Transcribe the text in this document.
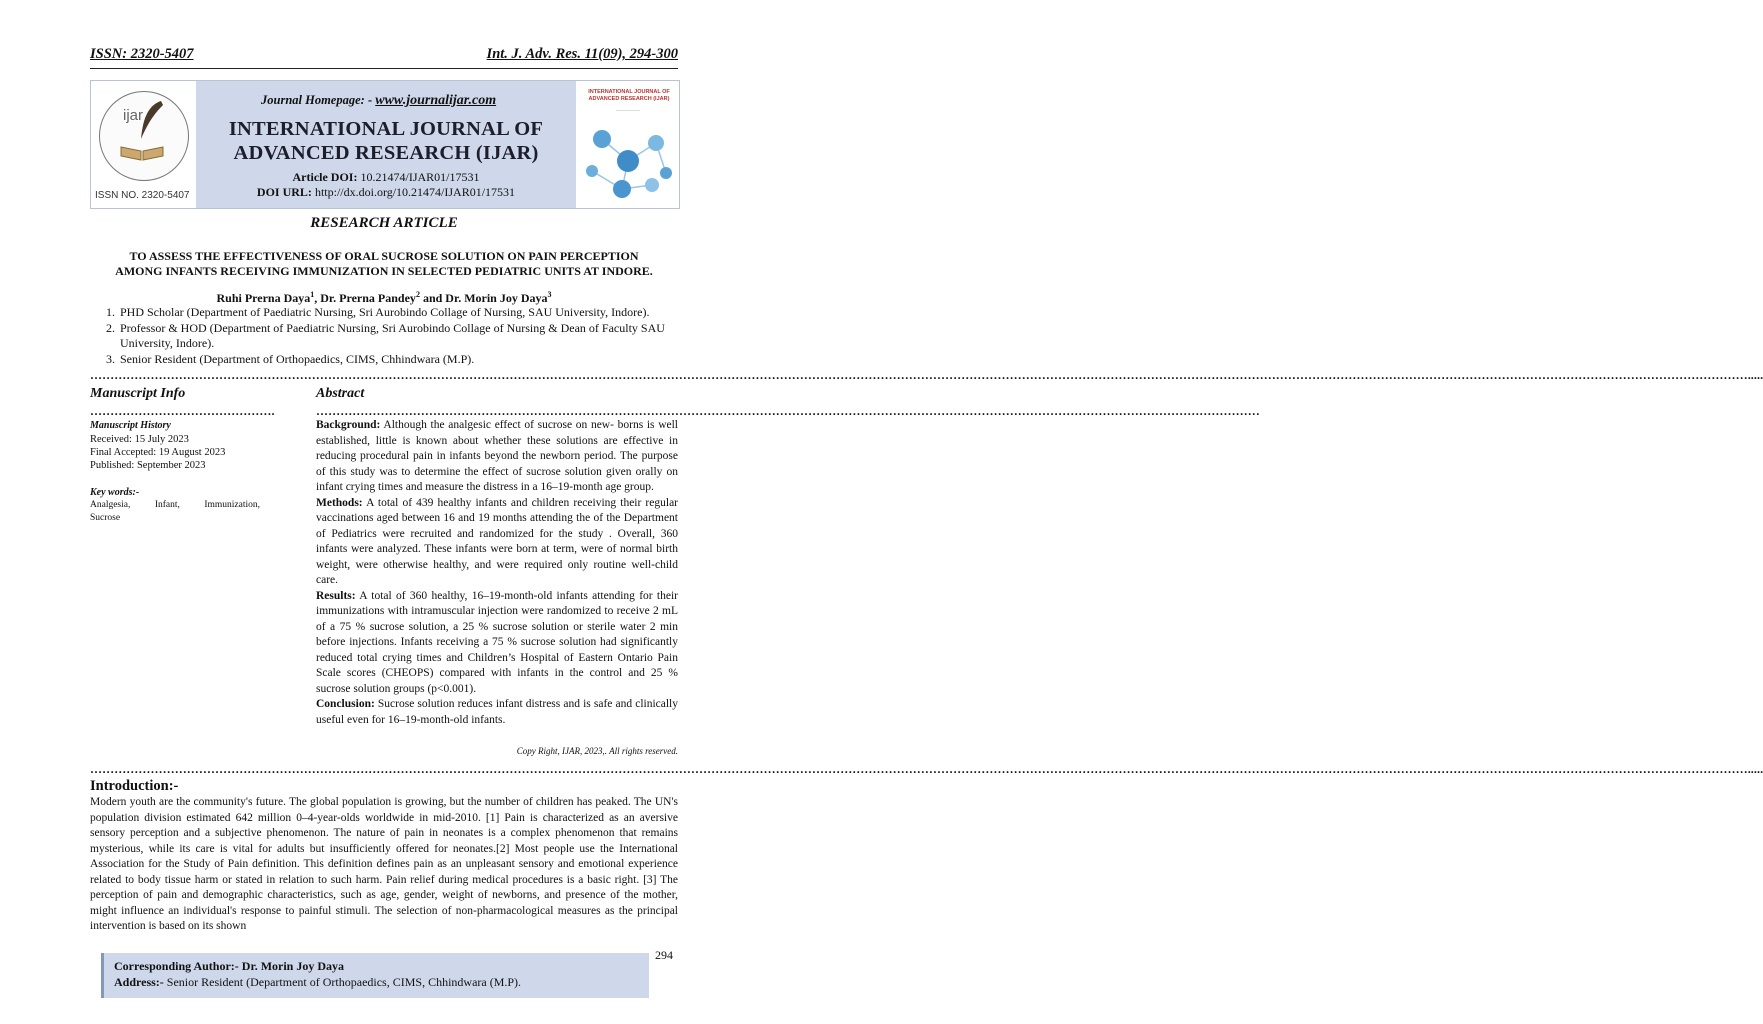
ISSN: 2320-5407	Int. J. Adv. Res. 11(09), 294-300
ijar
ISSN NO. 2320-5407
Journal Homepage: - www.journalijar.com
INTERNATIONAL JOURNAL OF
ADVANCED RESEARCH (IJAR)
Article DOI: 10.21474/IJAR01/17531
DOI URL: http://dx.doi.org/10.21474/IJAR01/17531
INTERNATIONAL JOURNAL OF ADVANCED RESEARCH (IJAR)
——————
RESEARCH ARTICLE
TO ASSESS THE EFFECTIVENESS OF ORAL SUCROSE SOLUTION ON PAIN PERCEPTION
AMONG INFANTS RECEIVING IMMUNIZATION IN SELECTED PEDIATRIC UNITS AT INDORE.
Ruhi Prerna Daya$^1$, Dr. Prerna Pandey$^2$ and Dr. Morin Joy Daya$^3$
1. PHD Scholar (Department of Paediatric Nursing, Sri Aurobindo Collage of Nursing, SAU University, Indore).
2. Professor & HOD (Department of Paediatric Nursing, Sri Aurobindo Collage of Nursing & Dean of Faculty SAU University, Indore).
3. Senior Resident (Department of Orthopaedics, CIMS, Chhindwara (M.P).
…………………………………………………………………………………………………………………………………………………………………………………………………………………………………………………………………………………………………………………………………………………………………………….....
Manuscript Info
……………………………………….
Manuscript History
Received: 15 July 2023
Final Accepted: 19 August 2023
Published: September 2023
Key words:-
Analgesia,	Infant,	Immunization,
Sucrose
Abstract
………………………………………………………………………………………………………………………………………………………………………………………………………………

Background: Although the analgesic effect of sucrose on new- borns is well established, little is known about whether these solutions are effective in reducing procedural pain in infants beyond the newborn period. The purpose of this study was to determine the effect of sucrose solution given orally on infant crying times and measure the distress in a 16‒19-month age group.

Methods: A total of 439 healthy infants and children receiving their regular vaccinations aged between 16 and 19 months attending the of the Department of Pediatrics were recruited and randomized for the study . Overall, 360 infants were analyzed. These infants were born at term, were of normal birth weight, were otherwise healthy, and were required only routine well-child care.

Results: A total of 360 healthy, 16‒19-month-old infants attending for their immunizations with intramuscular injection were randomized to receive 2 mL of a 75 % sucrose solution, a 25 % sucrose solution or sterile water 2 min before injections. Infants receiving a 75 % sucrose solution had significantly reduced total crying times and Children’s Hospital of Eastern Ontario Pain Scale scores (CHEOPS) compared with infants in the control and 25 % sucrose solution groups (p<0.001).

Conclusion: Sucrose solution reduces infant distress and is safe and clinically useful even for 16‒19-month-old infants.

Copy Right, IJAR, 2023,. All rights reserved.
…………………………………………………………………………………………………………………………………………………………………………………………………………………………………………………………………………………………………………………………………………………………………………….....
Introduction:-

Modern youth are the community's future. The global population is growing, but the number of children has peaked. The UN's population division estimated 642 million 0–4-year-olds worldwide in mid-2010. [1] Pain is characterized as an aversive sensory perception and a subjective phenomenon. The nature of pain in neonates is a complex phenomenon that remains mysterious, while its care is vital for adults but insufficiently offered for neonates.[2] Most people use the International Association for the Study of Pain definition. This definition defines pain as an unpleasant sensory and emotional experience related to body tissue harm or stated in relation to such harm. Pain relief during medical procedures is a basic right. [3] The perception of pain and demographic characteristics, such as age, gender, weight of newborns, and presence of the mother, might influence an individual's response to painful stimuli. The selection of non-pharmacological measures as the principal intervention is based on its shown

294
Corresponding Author:- Dr. Morin Joy Daya
Address:- Senior Resident (Department of Orthopaedics, CIMS, Chhindwara (M.P).
